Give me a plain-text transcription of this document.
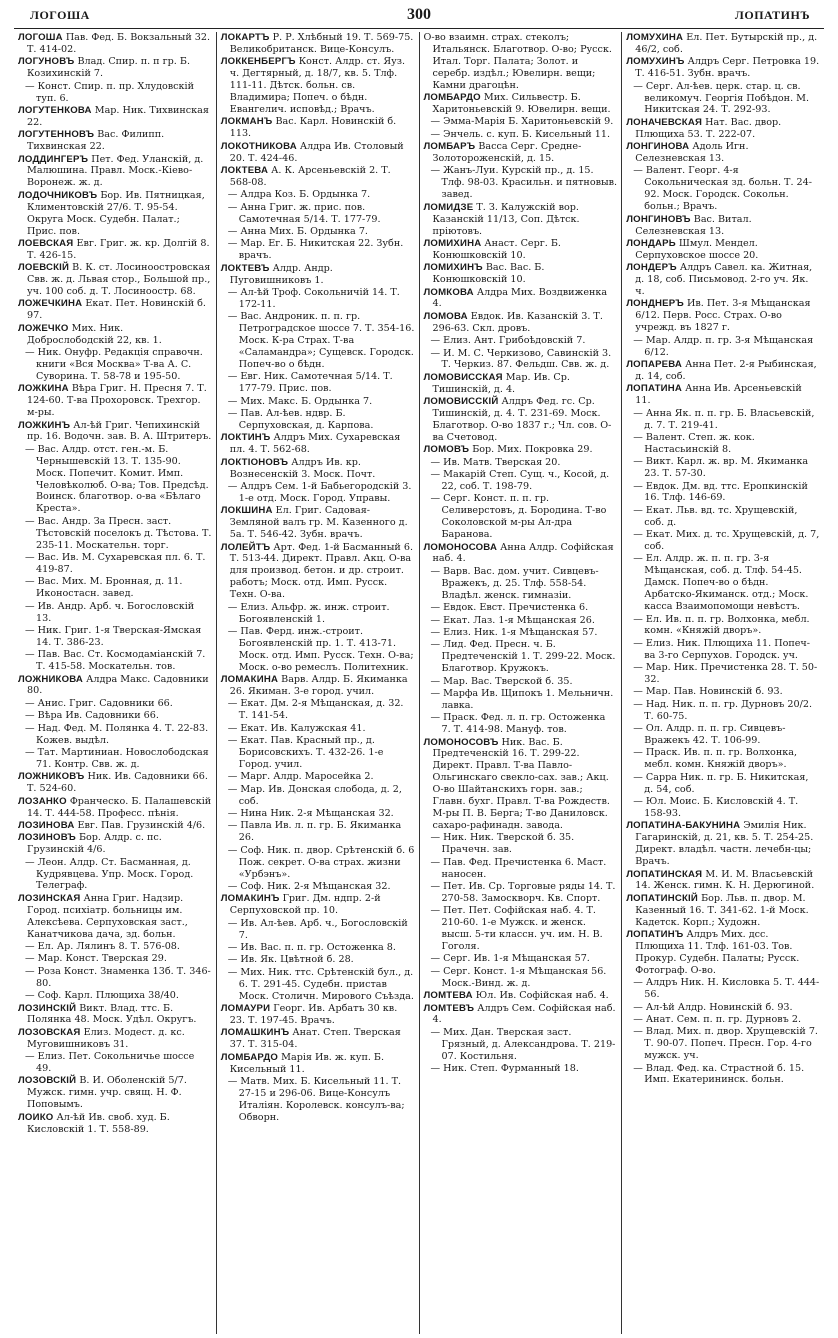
ЛОГОША	300	ЛОПАТИНЪ
ЛОГОША Пав. Фед. Б. Вокзальный 32. Т. 414-02.
ЛОГУНОВЪ Влад. Спир. п. п гр. Б. Козихинскiй 7.
— Конст. Спир. п. пр. Хлудовскiй туп. 6.
ЛОГУТЕНКОВА Мар. Ник. Тихвинская 22.
ЛОГУТЕННОВЪ Вас. Филипп. Тихвинская 22.
ЛОДДИНГЕРЪ Пет. Фед. Уланскiй, д. Малюшина. Правл. Моск.-Кiево-Воронеж. ж. д.
ЛОДОЧНИКОВЪ Бор. Ив. Пятницкая, Климентовскiй 27/6. Т. 95-54. Округа Моск. Судебн. Палат.; Прис. пов.
ЛОЕВСКАЯ Евг. Григ. ж. кр. Долгiй 8. Т. 426-15.
ЛОЕВСКIЙ В. К. ст. Лосиноостровская Свв. ж. д. Львая стор., Большой пр., уч. 100 соб. д. Т. Лосиноостр. 68.
ЛОЖЕЧКИНА Екат. Пет. Новинскiй б. 97.
ЛОЖЕЧКО Мих. Ник. Доброслободскiй 22, кв. 1.
— Ник. Онуфр. Редакцiя справочн. книги «Вся Москва» Т-ва А. С. Суворина. Т. 58-78 и 195-50.
ЛОЖКИНА Вѣра Григ. Н. Пресня 7. Т. 124-60. Т-ва Прохоровск. Трехгор. м-ры.
ЛОЖКИНЪ Ал-ѣй Григ. Чепихинскiй пр. 16. Водочн. зав. В. А. Штритеръ.
— Вас. Алдр. отст. ген.-м. Б. Чернышевскiй 13. Т. 135-90. Моск. Попечит. Комит. Имп. Человѣколюб. О-ва; Тов. Предсѣд. Воинск. благотвор. о-ва «Бѣлаго Креста».
— Вас. Андр. За Пресн. заст. Тѣстовскiй поселокъ д. Тѣстова. Т. 235-11. Москательн. торг.
— Вас. Ив. М. Сухаревская пл. 6. Т. 419-87.
— Вас. Мих. М. Бронная, д. 11. Иконостасн. завед.
— Ив. Андр. Арб. ч. Богословскiй 13.
— Ник. Григ. 1-я Тверская-Ямская 14. Т. 386-23.
— Пав. Вас. Ст. Космодамiанскiй 7. Т. 415-58. Москательн. тов.
ЛОЖНИКОВА Алдра Макс. Садовники 80.
— Анис. Григ. Садовники 66.
— Вѣра Ив. Садовники 66.
— Над. Фед. М. Полянка 4. Т. 22-83. Кожев. выдѣл.
— Тат. Мартиниан. Новослободская 71. Контр. Свв. ж. д.
ЛОЖНИКОВЪ Ник. Ив. Садовники 66. Т. 524-60.
ЛОЗАНКО Франческо. Б. Палашевскiй 14. Т. 444-58. Професс. пѣнiя.
ЛОЗИНОВА Евг. Пав. Грузинскiй 4/6.
ЛОЗИНОВЪ Бор. Алдр. с. пс. Грузинскiй 4/6.
— Леон. Алдр. Ст. Басманная, д. Кудрявцева. Упр. Моск. Город. Телеграф.
ЛОЗИНСКАЯ Анна Григ. Надзир. Город. психiатр. больницы им. Алексѣева. Серпуховская заст., Канатчикова дача, зд. больн.
— Ел. Ар. Лялинъ 8. Т. 576-08.
— Мар. Конст. Тверская 29.
— Роза Конст. Знаменка 13б. Т. 346-80.
— Соф. Карл. Плющиха 38/40.
ЛОЗИНСКIЙ Викт. Влад. ттс. Б. Полянка 48. Моск. Удѣл. Округъ.
ЛОЗОВСКАЯ Елиз. Модест. д. кс. Муговишниковъ 31.
— Елиз. Пет. Сокольничье шоссе 49.
ЛОЗОВСКIЙ В. И. Оболенскiй 5/7. Мужск. гимн. учр. свящ. Н. Ф. Поповымъ.
ЛОИКО Ал-ѣй Ив. своб. худ. Б. Кисловскiй 1. Т. 558-89.
ЛОКАРТЪ Р. Р. Хлѣбный 19. Т. 569-75. Великобританск. Вице-Консулъ.
ЛОККЕНБЕРГЪ Конст. Алдр. ст. Яуз. ч. Дегтярный, д. 18/7, кв. 5. Тлф. 111-11. Дѣтск. больн. св. Владимира; Попеч. о бѣдн. Евангелич. исповѣд.; Врачъ.
ЛОКМАНЪ Вас. Карл. Новинскiй б. 113.
ЛОКОТНИКОВА Алдра Ив. Столовый 20. Т. 424-46.
ЛОКТЕВА А. К. Арсеньевскiй 2. Т. 568-08.
— Алдра Коз. Б. Ордынка 7.
— Анна Григ. ж. прис. пов. Самотечная 5/14. Т. 177-79.
— Анна Мих. Б. Ордынка 7.
— Мар. Ег. Б. Никитская 22. Зубн. врачъ.
ЛОКТЕВЪ Алдр. Андр. Пуговишниковъ 1.
— Ал-ѣй Троф. Сокольничiй 14. Т. 172-11.
— Вас. Андроник. п. п. гр. Петроградское шоссе 7. Т. 354-16. Моск. К-ра Страх. Т-ва «Саламандра»; Сущевск. Городск. Попеч-во о бѣдн.
— Евг. Ник. Самотечная 5/14. Т. 177-79. Прис. пов.
— Мих. Макс. Б. Ордынка 7.
— Пав. Ал-ѣев. ндвр. Б. Серпуховская, д. Карпова.
ЛОКТИНЪ Алдръ Мих. Сухаревская пл. 4. Т. 562-68.
ЛОКТIОНОВЪ Алдръ Ив. кр. Вознесенскiй 3. Моск. Почт.
— Алдръ Сем. 1-й Бабьегородскiй 3. 1-е отд. Моск. Город. Управы.
ЛОКШИНА Ел. Григ. Садовая-Земляной валъ гр. М. Казенного д. 5а. Т. 546-42. Зубн. врачъ.
ЛОЛЕЙТЪ Арт. Фед. 1-й Басманный 6. Т. 513-44. Директ. Правл. Акц. О-ва для производ. бетон. и др. строит. работъ; Моск. отд. Имп. Русск. Техн. О-ва.
— Елиз. Альфр. ж. инж. строит. Богоявленскiй 1.
— Пав. Ферд. инж.-строит. Богоявленскiй пр. 1. Т. 413-71. Моск. отд. Имп. Русск. Техн. О-ва; Моск. о-во ремеслъ. Политехник.
ЛОМАКИНА Варв. Алдр. Б. Якиманка 26. Якиман. 3-е город. учил.
— Екат. Дм. 2-я Мѣщанская, д. 32. Т. 141-54.
— Екат. Ив. Калужская 41.
— Екат. Пав. Красный пр., д. Борисовскихъ. Т. 432-26. 1-е Город. учил.
— Марг. Алдр. Маросейка 2.
— Мар. Ив. Донская слобода, д. 2, соб.
— Нина Ник. 2-я Мѣщанская 32.
— Павла Ив. л. п. гр. Б. Якиманка 26.
— Соф. Ник. п. двор. Срѣтенскiй б. 6 Пож. секрет. О-ва страх. жизни «Урбэнъ».
— Соф. Ник. 2-я Мѣщанская 32.
ЛОМАКИНЪ Григ. Дм. ндпр. 2-й Серпуховской пр. 10.
— Ив. Ал-ѣев. Арб. ч., Богословскiй 7.
— Ив. Вас. п. п. гр. Остоженка 8.
— Ив. Як. Цвѣтной б. 28.
— Мих. Ник. ттс. Срѣтенскiй бул., д. 6. Т. 291-45. Судебн. пристав Моск. Столичн. Мирового Съѣзда.
ЛОМАУРИ Георг. Ив. Арбатъ 30 кв. 23. Т. 197-45. Врачъ.
ЛОМАШКИНЪ Анат. Степ. Тверская 37. Т. 315-04.
ЛОМБАРДО Марiя Ив. ж. куп. Б. Кисельный 11.
— Матв. Мих. Б. Кисельный 11. Т. 27-15 и 296-06. Вице-Консулъ Италiян. Королевск. консулъ-ва; Обворн.
О-во взаимн. страх. стеколъ; Итальянск. Благотвор. О-во; Русск. Итал. Торг. Палата; Золот. и серебр. издѣл.; Ювелирн. вещи; Камни драгоцѣн.
ЛОМБАРДО Мих. Сильвестр. Б. Харитоньевскiй 9. Ювелирн. вещи.
— Эмма-Марiя Б. Харитоньевскiй 9.
— Энчель. с. куп. Б. Кисельный 11.
ЛОМБАРЪ Васса Серг. Средне-Золотороженскiй, д. 15.
— Жанъ-Луи. Курскiй пр., д. 15. Тлф. 98-03. Красильн. и пятновыв. завед.
ЛОМИДЗЕ Т. З. Калужскiй вор. Казанскiй 11/13, Соп. Дѣтск. прiютовъ.
ЛОМИХИНА Анаст. Серг. Б. Конюшковскiй 10.
ЛОМИХИНЪ Вас. Вас. Б. Конюшковскiй 10.
ЛОМКОВА Алдра Мих. Воздвиженка 4.
ЛОМОВА Евдок. Ив. Казанскiй 3. Т. 296-63. Скл. дровъ.
— Елиз. Ант. Грибоѣдовскiй 7.
— И. М. С. Черкизово, Савинскiй 3. Т. Черкиз. 87. Фельдш. Свв. ж. д.
ЛОМОВИССКАЯ Мар. Ив. Ср. Тишинскiй, д. 4.
ЛОМОВИССКIЙ Алдръ Фед. гс. Ср. Тишинскiй, д. 4. Т. 231-69. Моск. Благотвор. О-во 1837 г.; Чл. сов. О-ва Счетовод.
ЛОМОВЪ Бор. Мих. Покровка 29.
— Ив. Матв. Тверская 20.
— Макарiй Степ. Сущ. ч., Косой, д. 22, соб. Т. 198-79.
— Серг. Конст. п. п. гр. Селиверстовъ, д. Бородина. Т-во Соколовской м-ры Ал-дра Баранова.
ЛОМОНОСОВА Анна Алдр. Софiйская наб. 4.
— Варв. Вас. дом. учит. Сивцевъ-Вражекъ, д. 25. Тлф. 558-54. Владѣл. женск. гимназiи.
— Евдок. Евст. Пречистенка 6.
— Екат. Лаз. 1-я Мѣщанская 26.
— Елиз. Ник. 1-я Мѣщанская 57.
— Лид. Фед. Пресн. ч. Б. Предтеченскiй 1. Т. 299-22. Моск. Благотвор. Кружокъ.
— Мар. Вас. Тверской б. 35.
— Марфа Ив. Щипокъ 1. Мельничн. лавка.
— Праск. Фед. л. п. гр. Остоженка 7. Т. 414-98. Мануф. тов.
ЛОМОНОСОВЪ Ник. Вас. Б. Предтеченскiй 16. Т. 299-22. Директ. Правл. Т-ва Павло-Ольгинскаго свекло-сах. зав.; Акц. О-во Шайтанскихъ горн. зав.; Главн. бухг. Правл. Т-ва Рождеств. М-ры П. В. Берга; Т-во Даниловск. сахаро-рафинадн. завода.
— Ник. Ник. Тверской б. 35. Прачечн. зав.
— Пав. Фед. Пречистенка 6. Маст. наносен.
— Пет. Ив. Ср. Торговые ряды 14. Т. 270-58. Замоскворч. Кв. Спорт.
— Пет. Пет. Софiйская наб. 4. Т. 210-60. 1-е Мужск. и женск. высш. 5-ти классн. уч. им. Н. В. Гоголя.
— Серг. Ив. 1-я Мѣщанская 57.
— Серг. Конст. 1-я Мѣщанская 56. Моск.-Винд. ж. д.
ЛОМТЕВА Юл. Ив. Софiйская наб. 4.
ЛОМТЕВЪ Алдръ Сем. Софiйская наб. 4.
— Мих. Дан. Тверская заст. Грязный, д. Александрова. Т. 219-07. Костильня.
— Ник. Степ. Фурманный 18.
ЛОМУХИНА Ел. Пет. Бутырскiй пр., д. 46/2, соб.
ЛОМУХИНЪ Алдръ Серг. Петровка 19. Т. 416-51. Зубн. врачъ.
— Серг. Ал-ѣев. церк. стар. ц. св. великомуч. Георгiя Побѣдон. М. Никитская 24. Т. 292-93.
ЛОНАЧЕВСКАЯ Нат. Вас. двор. Плющиха 53. Т. 222-07.
ЛОНГИНОВА Адоль Игн. Селезневская 13.
— Валент. Георг. 4-я Сокольническая зд. больн. Т. 24-92. Моск. Городск. Сокольн. больн.; Врачъ.
ЛОНГИНОВЪ Вас. Витал. Селезневская 13.
ЛОНДАРЬ Шмул. Мендел. Серпуховское шоссе 20.
ЛОНДЕРЪ Алдръ Савел. ка. Житная, д. 18, соб. Письмовод. 2-го уч. Як. ч.
ЛОНДНЕРЪ Ив. Пет. 3-я Мѣщанская 6/12. Перв. Росс. Страх. О-во учрежд. въ 1827 г.
— Мар. Алдр. п. гр. 3-я Мѣщанская 6/12.
ЛОПАРЕВА Анна Пет. 2-я Рыбинская, д. 14, соб.
ЛОПАТИНА Анна Ив. Арсеньевскiй 11.
— Анна Як. п. п. гр. Б. Власьевскiй, д. 7. Т. 219-41.
— Валент. Степ. ж. кок. Настасьинскiй 8.
— Викт. Карл. ж. вр. М. Якиманка 23. Т. 57-30.
— Евдок. Дм. вд. ттс. Еропкинскiй 16. Тлф. 146-69.
— Екат. Льв. вд. тс. Хрущевскiй, соб. д.
— Екат. Мих. д. тс. Хрущевскiй, д. 7, соб.
— Ел. Алдр. ж. п. п. гр. 3-я Мѣщанская, соб. д. Тлф. 54-45. Дамск. Попеч-во о бѣдн. Арбатско-Якиманск. отд.; Моск. касса Взаимопомощи невѣстъ.
— Ел. Ив. п. п. гр. Волхонка, мебл. комн. «Княжiй дворъ».
— Елиз. Ник. Плющиха 11. Попеч-ва 3-го Серпухов. Городск. уч.
— Мар. Ник. Пречистенка 28. Т. 50-32.
— Мар. Пав. Новинскiй б. 93.
— Над. Ник. п. п. гр. Дурновъ 20/2. Т. 60-75.
— Ол. Алдр. п. п. гр. Сивцевъ-Вражекъ 42. Т. 106-99.
— Праск. Ив. п. п. гр. Волхонка, мебл. комн. Княжiй дворъ».
— Сарра Ник. п. гр. Б. Никитская, д. 54, соб.
— Юл. Моис. Б. Кисловскiй 4. Т. 158-93.
ЛОПАТИНА-БАКУНИНА Эмилiя Ник. Гагаринскiй, д. 21, кв. 5. Т. 254-25. Директ. владѣл. частн. лечебн-цы; Врачъ.
ЛОПАТИНСКАЯ М. И. М. Власьевскiй 14. Женск. гимн. К. Н. Дерюгиной.
ЛОПАТИНСКIЙ Бор. Льв. п. двор. М. Казенный 16. Т. 341-62. 1-й Моск. Кадетск. Корп.; Художн.
ЛОПАТИНЪ Алдръ Мих. дсс. Плющиха 11. Тлф. 161-03. Тов. Прокур. Судебн. Палаты; Русск. Фотограф. О-во.
— Алдръ Ник. Н. Кисловка 5. Т. 444-56.
— Ал-ѣй Алдр. Новинскiй б. 93.
— Анат. Сем. п. п. гр. Дурновъ 2.
— Влад. Мих. п. двор. Хрущевскiй 7. Т. 90-07. Попеч. Пресн. Гор. 4-го мужск. уч.
— Влад. Фед. ка. Страстной б. 15. Имп. Екатерининск. больн.
